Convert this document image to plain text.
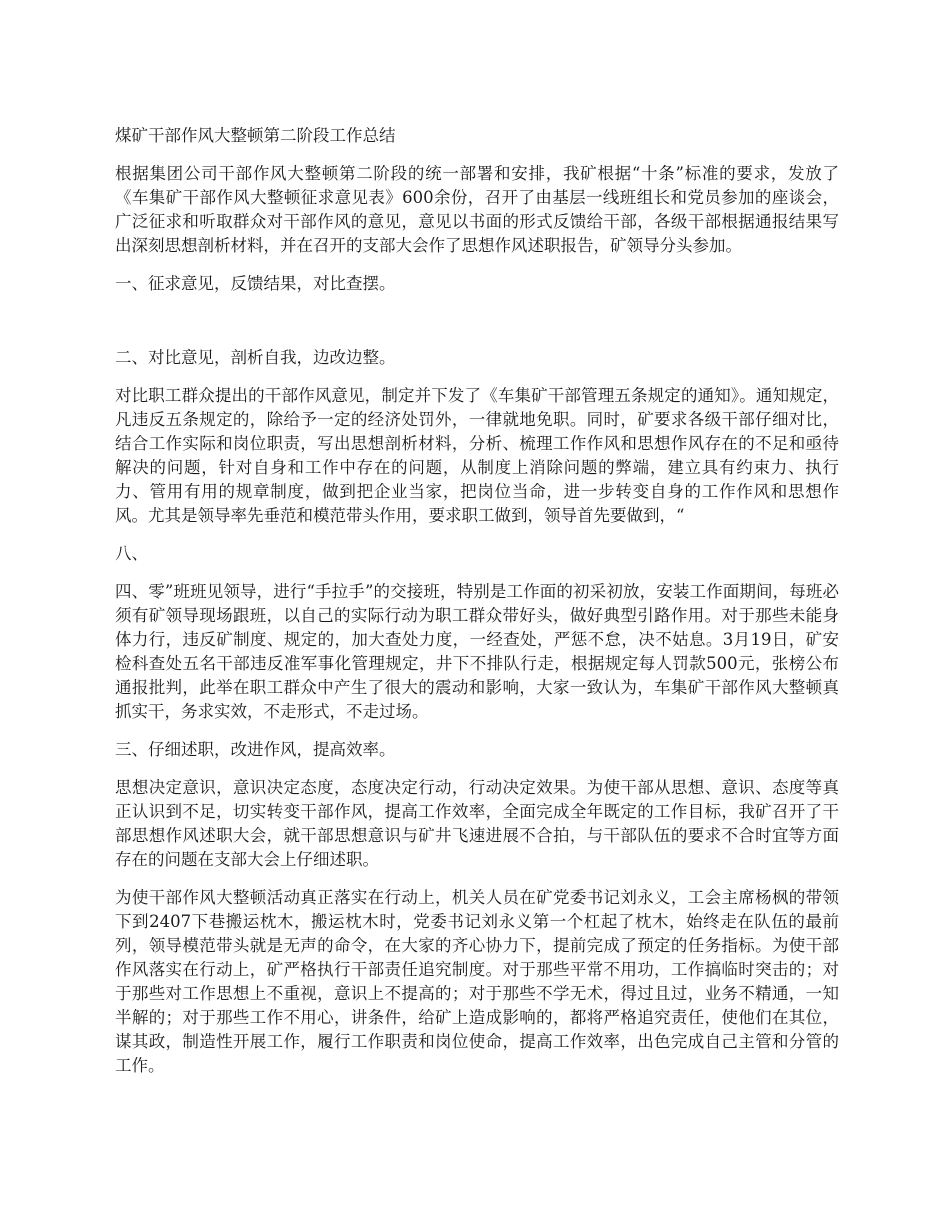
煤矿干部作风大整顿第二阶段工作总结

根据集团公司干部作风大整顿第二阶段的统一部署和安排，我矿根据“十条”标准的要求，发放了《车集矿干部作风大整顿征求意见表》600余份，召开了由基层一线班组长和党员参加的座谈会，广泛征求和听取群众对干部作风的意见，意见以书面的形式反馈给干部，各级干部根据通报结果写出深刻思想剖析材料，并在召开的支部大会作了思想作风述职报告，矿领导分头参加。

一、征求意见，反馈结果，对比查摆。

二、对比意见，剖析自我，边改边整。

对比职工群众提出的干部作风意见，制定并下发了《车集矿干部管理五条规定的通知》。通知规定，凡违反五条规定的，除给予一定的经济处罚外，一律就地免职。同时，矿要求各级干部仔细对比，结合工作实际和岗位职责，写出思想剖析材料，分析、梳理工作作风和思想作风存在的不足和亟待解决的问题，针对自身和工作中存在的问题，从制度上消除问题的弊端，建立具有约束力、执行力、管用有用的规章制度，做到把企业当家，把岗位当命，进一步转变自身的工作作风和思想作风。尤其是领导率先垂范和模范带头作用，要求职工做到，领导首先要做到，“

八、

四、零”班班见领导，进行“手拉手”的交接班，特别是工作面的初采初放，安装工作面期间，每班必须有矿领导现场跟班，以自己的实际行动为职工群众带好头，做好典型引路作用。对于那些未能身体力行，违反矿制度、规定的，加大查处力度，一经查处，严惩不怠，决不姑息。3月19日，矿安检科查处五名干部违反准军事化管理规定，井下不排队行走，根据规定每人罚款500元，张榜公布通报批判，此举在职工群众中产生了很大的震动和影响，大家一致认为，车集矿干部作风大整顿真抓实干，务求实效，不走形式，不走过场。

三、仔细述职，改进作风，提高效率。

思想决定意识，意识决定态度，态度决定行动，行动决定效果。为使干部从思想、意识、态度等真正认识到不足，切实转变干部作风，提高工作效率，全面完成全年既定的工作目标，我矿召开了干部思想作风述职大会，就干部思想意识与矿井飞速进展不合拍，与干部队伍的要求不合时宜等方面存在的问题在支部大会上仔细述职。

为使干部作风大整顿活动真正落实在行动上，机关人员在矿党委书记刘永义，工会主席杨枫的带领下到2407下巷搬运枕木，搬运枕木时，党委书记刘永义第一个杠起了枕木，始终走在队伍的最前列，领导模范带头就是无声的命令，在大家的齐心协力下，提前完成了预定的任务指标。为使干部作风落实在行动上，矿严格执行干部责任追究制度。对于那些平常不用功，工作搞临时突击的；对于那些对工作思想上不重视，意识上不提高的；对于那些不学无术，得过且过，业务不精通，一知半解的；对于那些工作不用心，讲条件，给矿上造成影响的，都将严格追究责任，使他们在其位，谋其政，制造性开展工作，履行工作职责和岗位使命，提高工作效率，出色完成自己主管和分管的工作。
